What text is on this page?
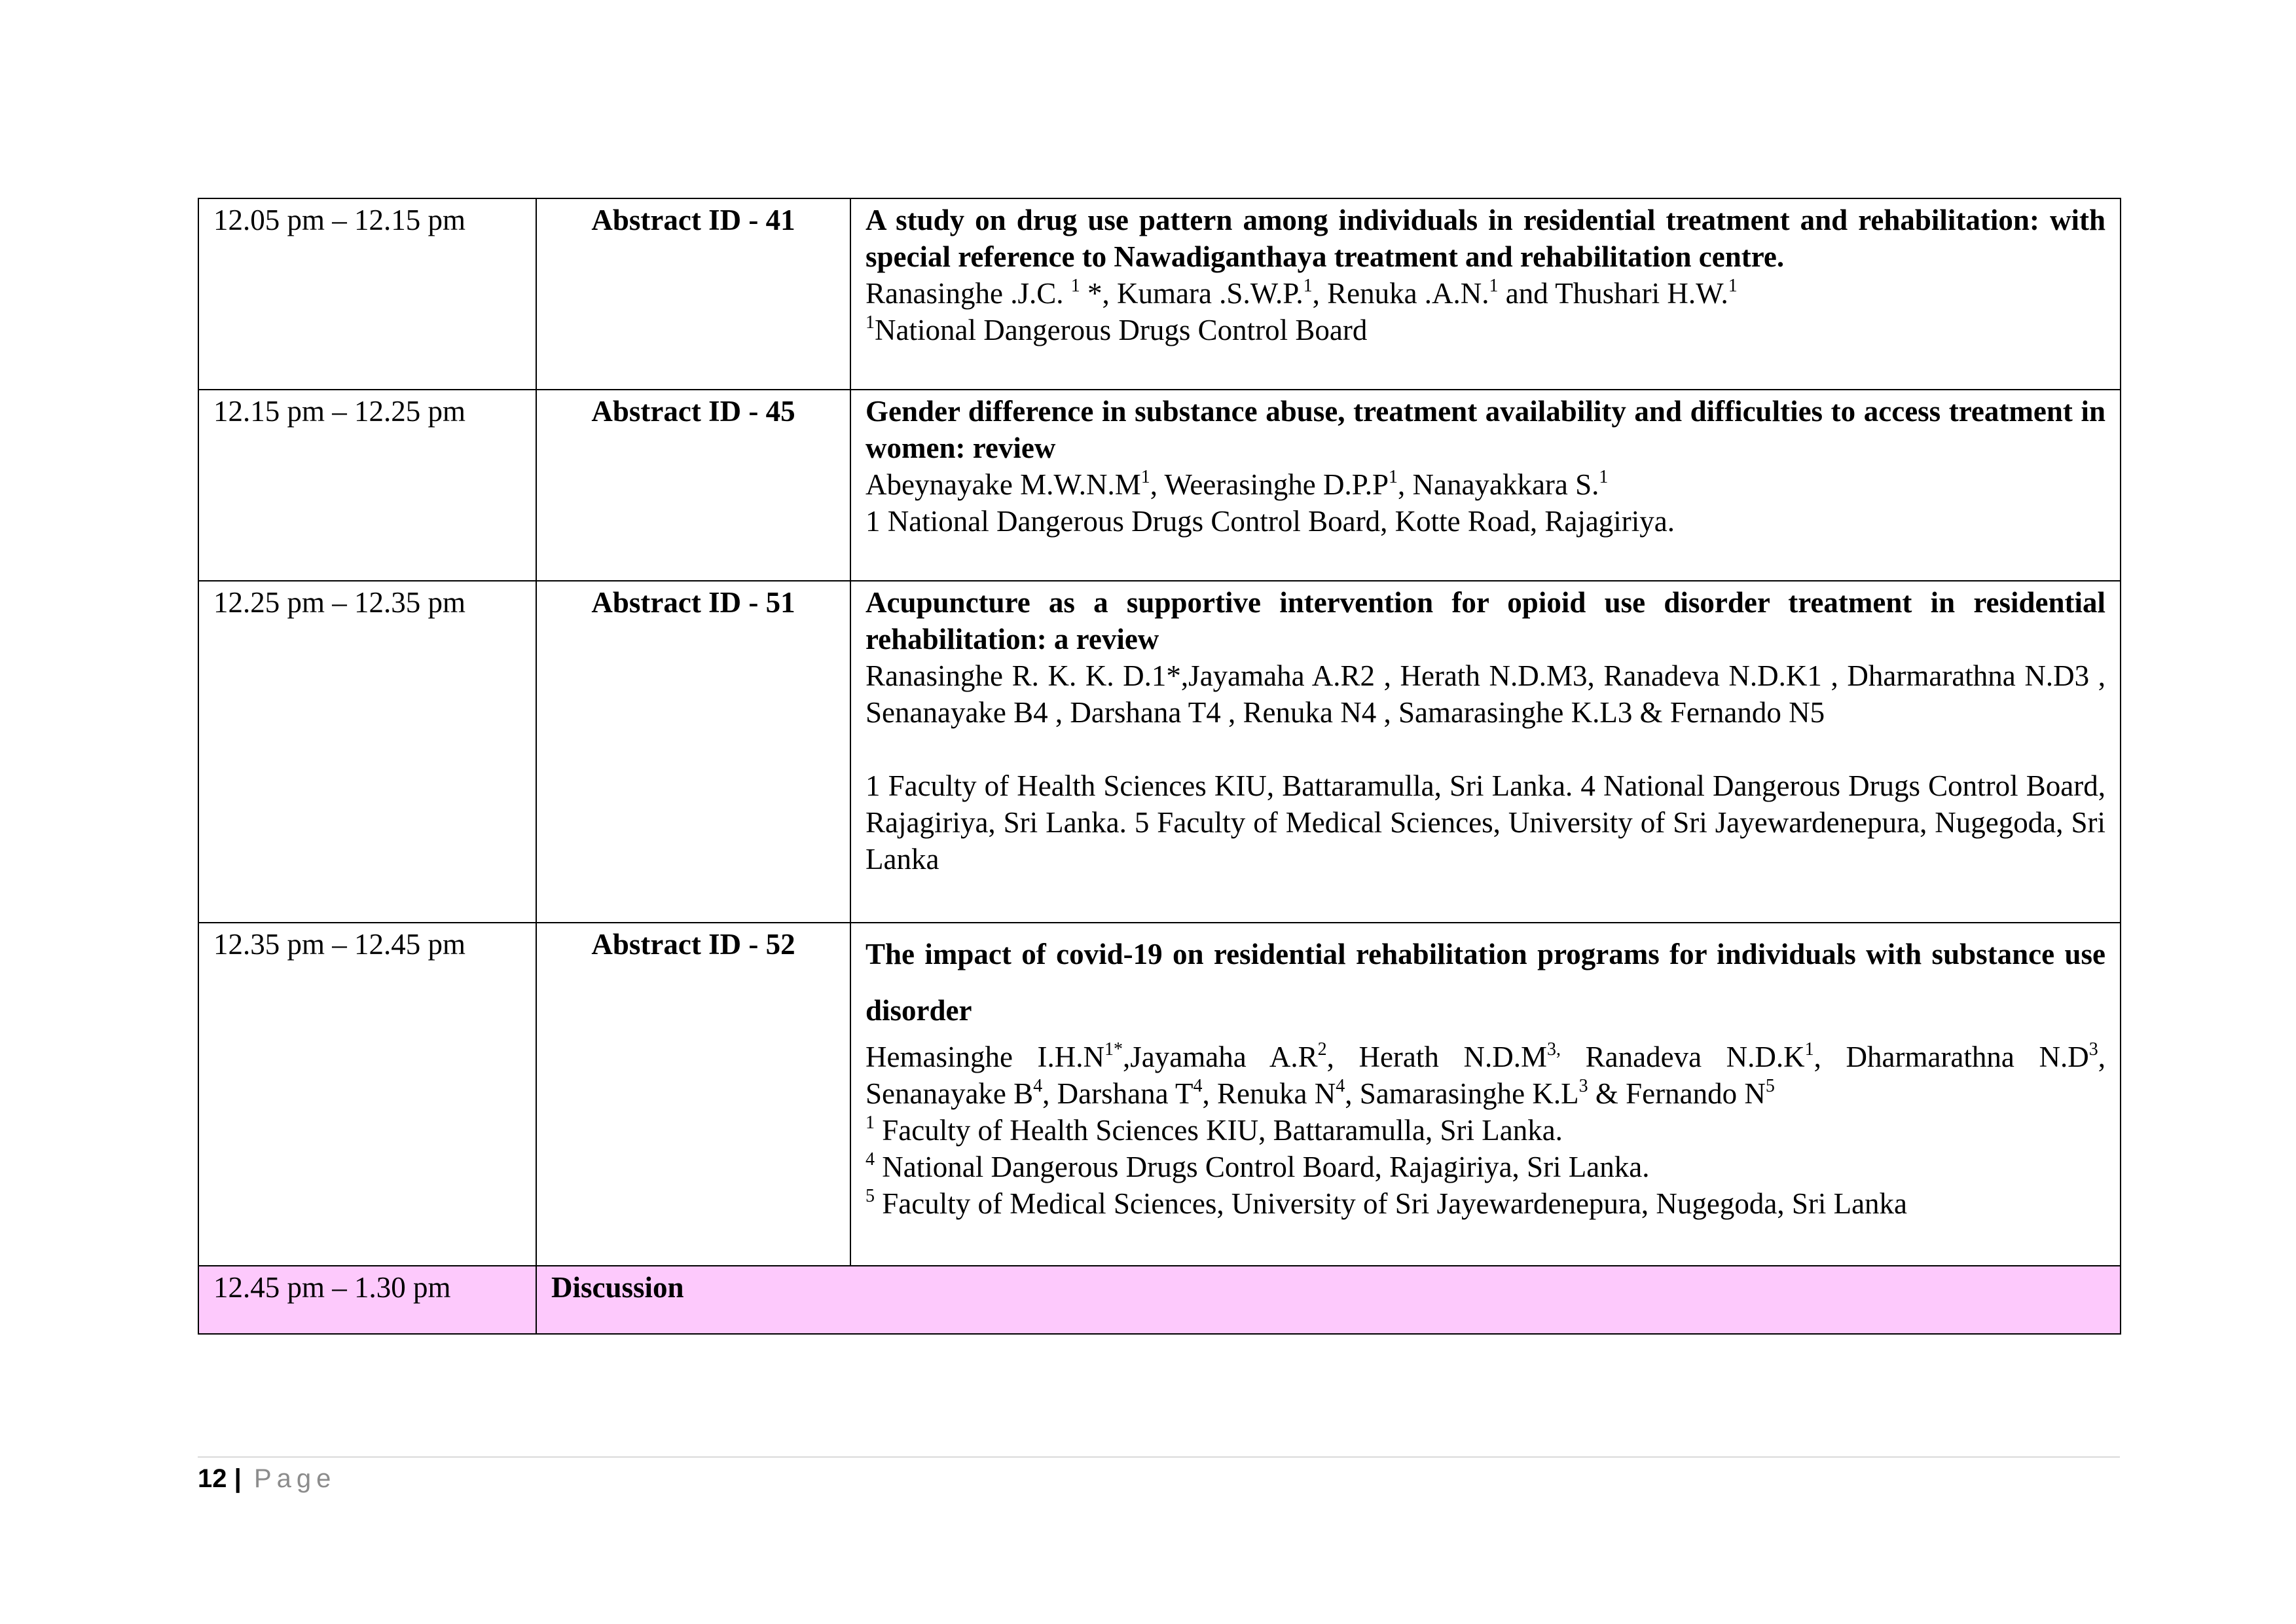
12.05 pm – 12.15 pm	Abstract ID - 41	A study on drug use pattern among individuals in residential treatment and rehabilitation: with special reference to Nawadiganthaya treatment and rehabilitation centre.
Ranasinghe .J.C. $^1$ *, Kumara .S.W.P.$^1$, Renuka .A.N.$^1$ and Thushari H.W.$^1$
$^1$National Dangerous Drugs Control Board

12.15 pm – 12.25 pm	Abstract ID - 45	Gender difference in substance abuse, treatment availability and difficulties to access treatment in women: review
Abeynayake $M.W.N.M^1$, Weerasinghe $D.P.P^1$, Nanayakkara S.$^1$
1 National Dangerous Drugs Control Board, Kotte Road, Rajagiriya.

12.25 pm – 12.35 pm	Abstract ID - 51	Acupuncture as a supportive intervention for opioid use disorder treatment in residential rehabilitation: a review
Ranasinghe R. K. K. D.1*,Jayamaha A.R2 , Herath N.D.M3, Ranadeva N.D.K1 , Dharmarathna N.D3 , Senanayake B4 , Darshana T4 , Renuka N4 , Samarasinghe K.L3 & Fernando N5
1 Faculty of Health Sciences KIU, Battaramulla, Sri Lanka. 4 National Dangerous Drugs Control Board, Rajagiriya, Sri Lanka. 5 Faculty of Medical Sciences, University of Sri Jayewardenepura, Nugegoda, Sri Lanka

12.35 pm – 12.45 pm	Abstract ID - 52	The impact of covid-19 on residential rehabilitation programs for individuals with substance use disorder
Hemasinghe $I.H.N^{1*},Jayamaha$ $A.R^2$, Herath $N.D.M^{3,}$ Ranadeva $N.D.K^1$, Dharmarathna $N.D^3$, Senanayake $B^4$, Darshana $T^4$, Renuka $N^4$, Samarasinghe $K.L^3$ & Fernando $N^5$
$^1$ Faculty of Health Sciences KIU, Battaramulla, Sri Lanka.
$^4$ National Dangerous Drugs Control Board, Rajagiriya, Sri Lanka.
$^5$ Faculty of Medical Sciences, University of Sri Jayewardenepura, Nugegoda, Sri Lanka

12.45 pm – 1.30 pm	Discussion	
12 | Page
